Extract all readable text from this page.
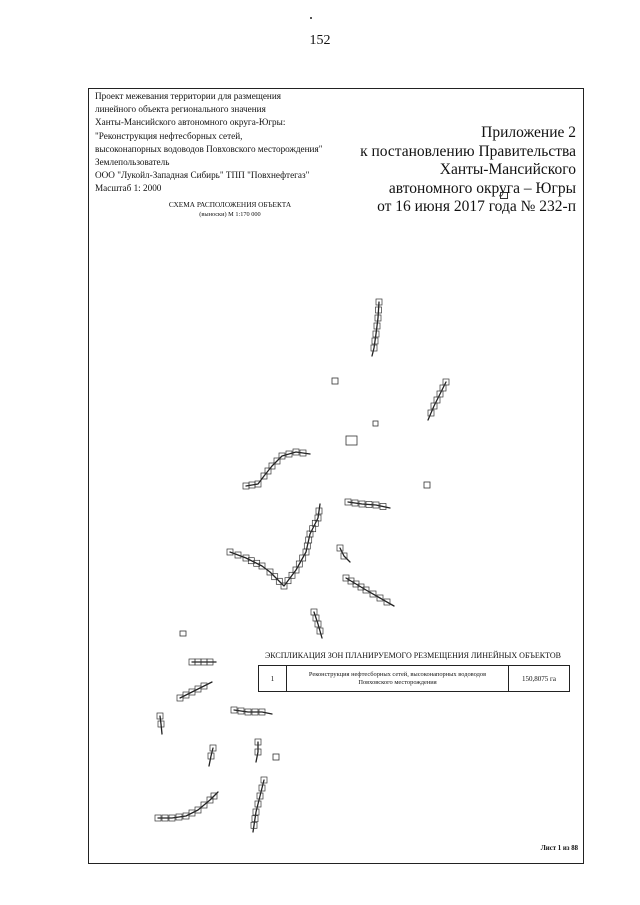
152
Проект межевания территории для размещения
линейного объекта регионального значения
Ханты-Мансийского автономного округа-Югры:
"Реконструкция нефтесборных сетей,
высоконапорных водоводов Повховского месторождения"
Землепользователь
ООО "Лукойл-Западная Сибирь" ТПП "Повхнефтегаз"
Масштаб 1: 2000
Приложение 2
к постановлению Правительства
Ханты-Мансийского
автономного округа – Югры
от 16 июня 2017 года № 232-п
СХЕМА РАСПОЛОЖЕНИЯ ОБЪЕКТА
(выноски) М 1:170 000
ЭКСПЛИКАЦИЯ ЗОН ПЛАНИРУЕМОГО РЕЗМЕЩЕНИЯ ЛИНЕЙНЫХ ОБЪЕКТОВ
1	Реконструкция нефтесборных сетей, высоконапорных водоводов Повховского месторождения	150,8075 га
Лист 1 из 88
